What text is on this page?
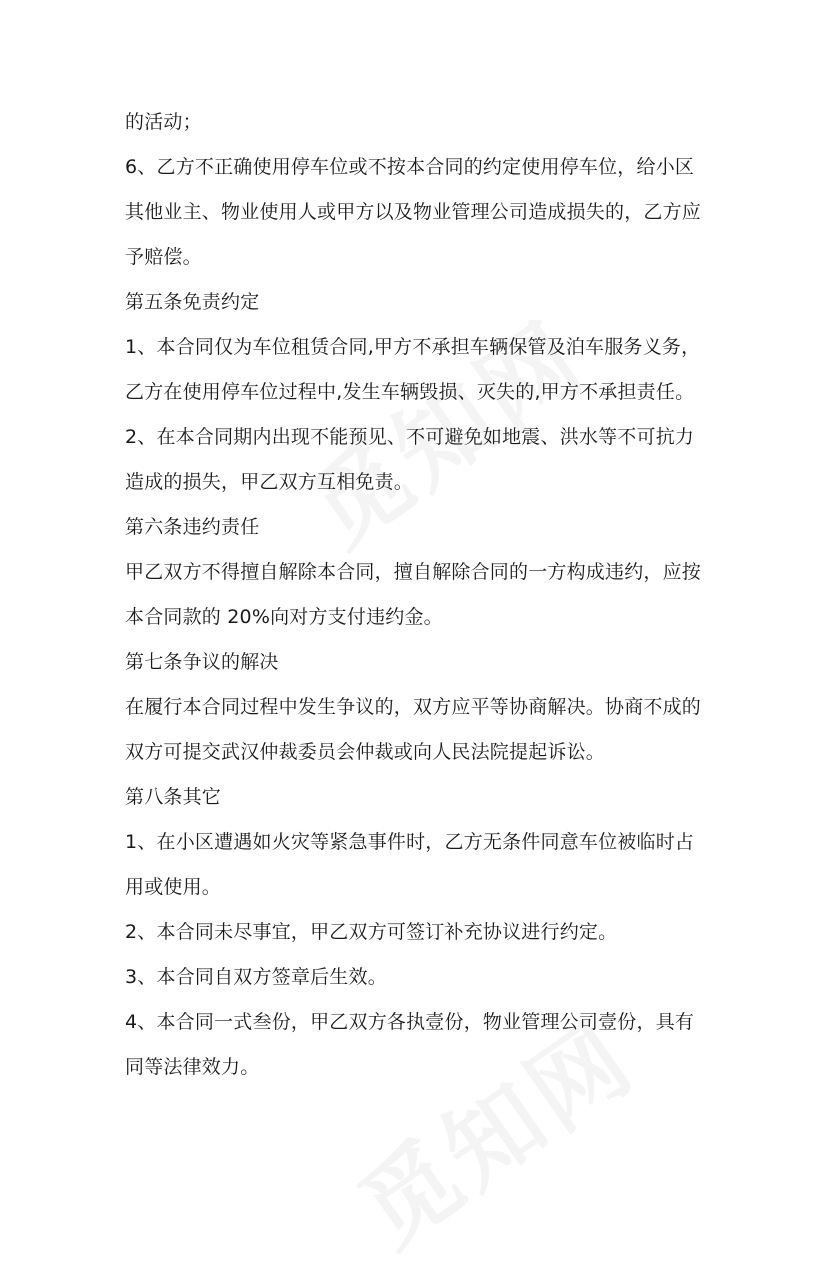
的活动；
6、乙方不正确使用停车位或不按本合同的约定使用停车位，给小区
其他业主、物业使用人或甲方以及物业管理公司造成损失的，乙方应
予赔偿。
第五条免责约定
1、本合同仅为车位租赁合同,甲方不承担车辆保管及泊车服务义务，
乙方在使用停车位过程中,发生车辆毁损、灭失的,甲方不承担责任。
2、在本合同期内出现不能预见、不可避免如地震、洪水等不可抗力
造成的损失，甲乙双方互相免责。
第六条违约责任
甲乙双方不得擅自解除本合同，擅自解除合同的一方构成违约，应按
本合同款的 20%向对方支付违约金。
第七条争议的解决
在履行本合同过程中发生争议的，双方应平等协商解决。协商不成的
双方可提交武汉仲裁委员会仲裁或向人民法院提起诉讼。
第八条其它
1、在小区遭遇如火灾等紧急事件时，乙方无条件同意车位被临时占
用或使用。
2、本合同未尽事宜，甲乙双方可签订补充协议进行约定。
3、本合同自双方签章后生效。
4、本合同一式叁份，甲乙双方各执壹份，物业管理公司壹份，具有
同等法律效力。
